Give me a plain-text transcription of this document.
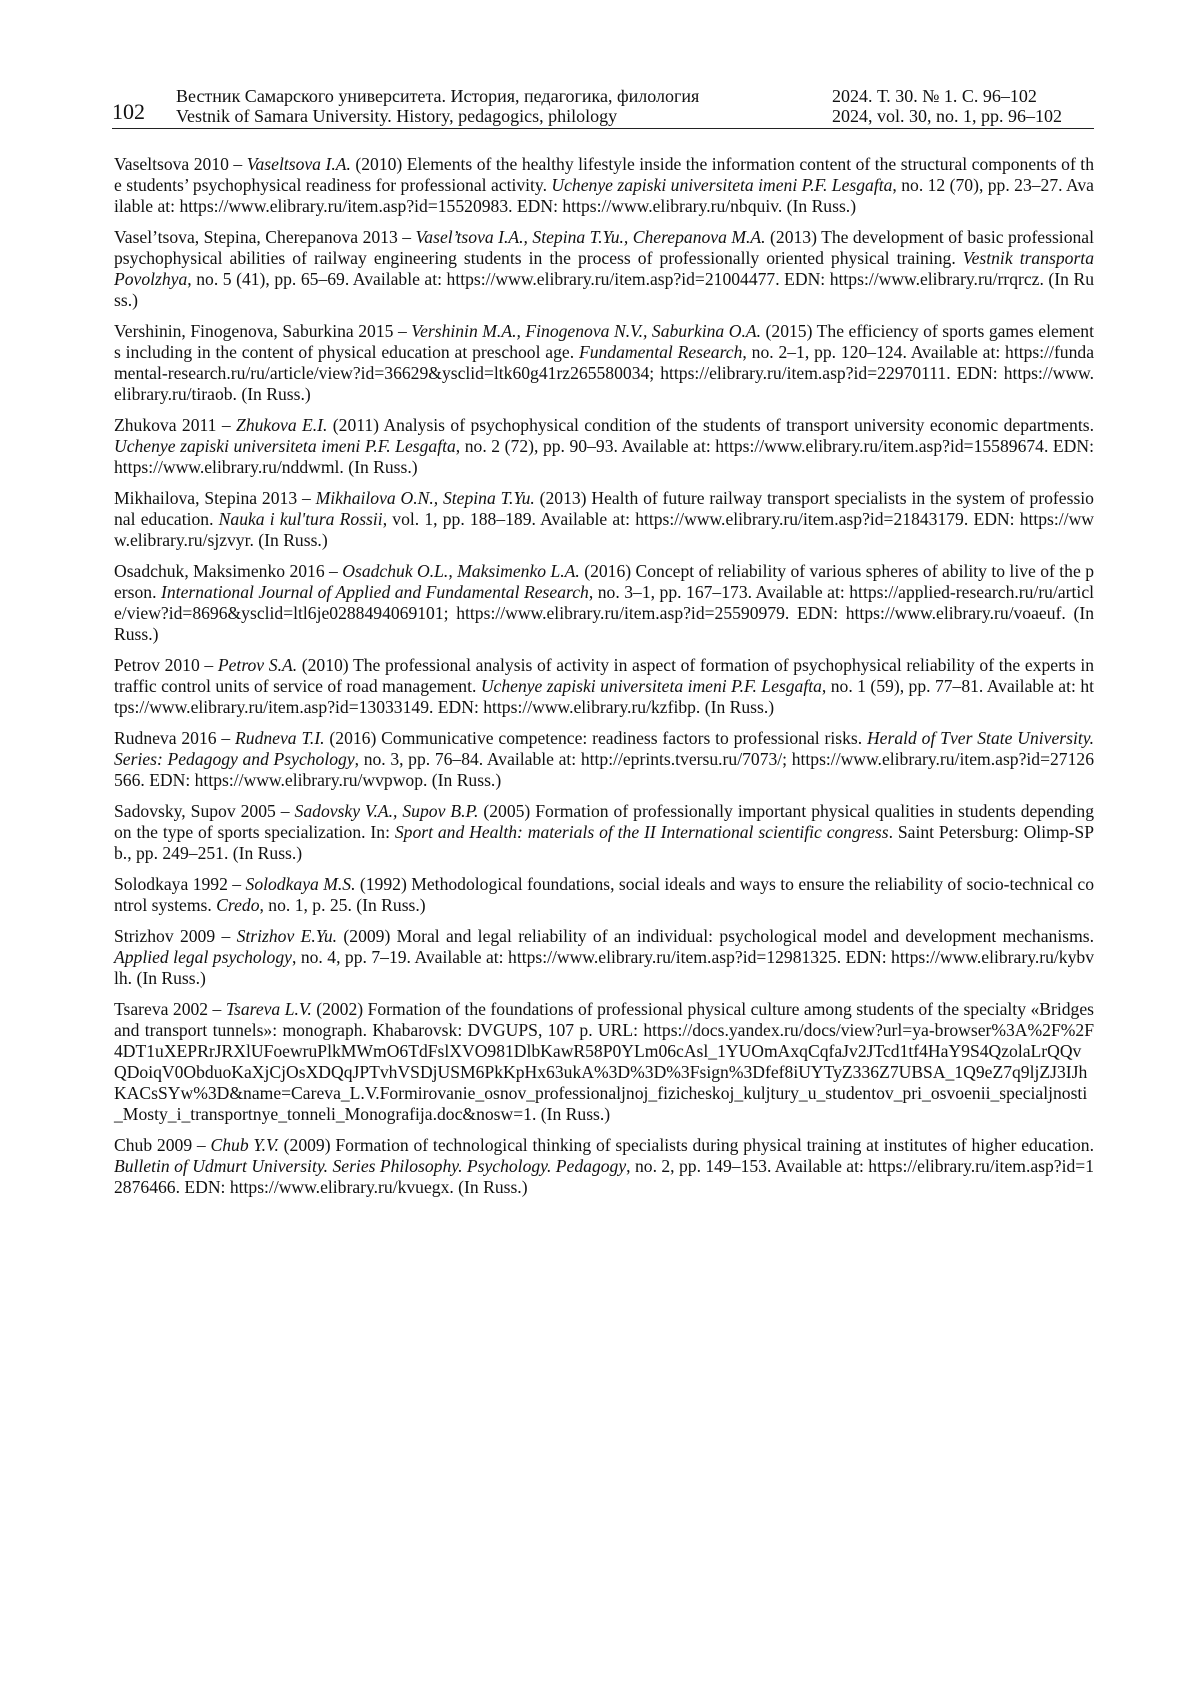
102
Вестник Самарского университета. История, педагогика, филология	2024. Т. 30. № 1. С. 96–102
Vestnik of Samara University. History, pedagogics, philology	2024, vol. 30, no. 1, pp. 96–102

Vaseltsova 2010 – Vaseltsova I.A. (2010) Elements of the healthy lifestyle inside the information content of the structural components of the students’ psychophysical readiness for professional activity. Uchenye zapiski universiteta imeni P.F. Lesgafta, no. 12 (70), pp. 23–27. Available at: https://www.elibrary.ru/item.asp?id=15520983. EDN: https://www.elibrary.ru/nbquiv. (In Russ.)

Vasel’tsova, Stepina, Cherepanova 2013 – Vasel’tsova I.A., Stepina T.Yu., Cherepanova M.A. (2013) The development of basic professional psychophysical abilities of railway engineering students in the process of professionally oriented physical training. Vestnik transporta Povolzhya, no. 5 (41), pp. 65–69. Available at: https://www.elibrary.ru/item.asp?id=21004477. EDN: https://www.elibrary.ru/rrqrcz. (In Russ.)

Vershinin, Finogenova, Saburkina 2015 – Vershinin M.A., Finogenova N.V., Saburkina O.A. (2015) The efficiency of sports games elements including in the content of physical education at preschool age. Fundamental Research, no. 2–1, pp. 120–124. Available at: https://fundamental-research.ru/ru/article/view?id=36629&ysclid=ltk60g41rz265580034; https://elibrary.ru/item.asp?id=22970111. EDN: https://www.elibrary.ru/tiraob. (In Russ.)

Zhukova 2011 – Zhukova E.I. (2011) Analysis of psychophysical condition of the students of transport university economic departments. Uchenye zapiski universiteta imeni P.F. Lesgafta, no. 2 (72), pp. 90–93. Available at: https://www.elibrary.ru/item.asp?id=15589674. EDN: https://www.elibrary.ru/nddwml. (In Russ.)

Mikhailova, Stepina 2013 – Mikhailova O.N., Stepina T.Yu. (2013) Health of future railway transport specialists in the system of professional education. Nauka i kul'tura Rossii, vol. 1, pp. 188–189. Available at: https://www.elibrary.ru/item.asp?id=21843179. EDN: https://www.elibrary.ru/sjzvyr. (In Russ.)

Osadchuk, Maksimenko 2016 – Osadchuk O.L., Maksimenko L.A. (2016) Concept of reliability of various spheres of ability to live of the person. International Journal of Applied and Fundamental Research, no. 3–1, pp. 167–173. Available at: https://applied-research.ru/ru/article/view?id=8696&ysclid=ltl6je0288494069101; https://www.elibrary.ru/item.asp?id=25590979. EDN: https://www.elibrary.ru/voaeuf. (In Russ.)

Petrov 2010 – Petrov S.A. (2010) The professional analysis of activity in aspect of formation of psychophysical reliability of the experts in traffic control units of service of road management. Uchenye zapiski universiteta imeni P.F. Lesgafta, no. 1 (59), pp. 77–81. Available at: https://www.elibrary.ru/item.asp?id=13033149. EDN: https://www.elibrary.ru/kzfibp. (In Russ.)

Rudneva 2016 – Rudneva T.I. (2016) Communicative competence: readiness factors to professional risks. Herald of Tver State University. Series: Pedagogy and Psychology, no. 3, pp. 76–84. Available at: http://eprints.tversu.ru/7073/; https://www.elibrary.ru/item.asp?id=27126566. EDN: https://www.elibrary.ru/wvpwop. (In Russ.)

Sadovsky, Supov 2005 – Sadovsky V.A., Supov B.P. (2005) Formation of professionally important physical qualities in students depending on the type of sports specialization. In: Sport and Health: materials of the II International scientific congress. Saint Petersburg: Olimp-SPb., pp. 249–251. (In Russ.)

Solodkaya 1992 – Solodkaya M.S. (1992) Methodological foundations, social ideals and ways to ensure the reliability of socio-technical control systems. Credo, no. 1, p. 25. (In Russ.)

Strizhov 2009 – Strizhov E.Yu. (2009) Moral and legal reliability of an individual: psychological model and development mechanisms. Applied legal psychology, no. 4, pp. 7–19. Available at: https://www.elibrary.ru/item.asp?id=12981325. EDN: https://www.elibrary.ru/kybvlh. (In Russ.)

Tsareva 2002 – Tsareva L.V. (2002) Formation of the foundations of professional physical culture among students of the specialty «Bridges and transport tunnels»: monograph. Khabarovsk: DVGUPS, 107 p. URL: https://docs.yandex.ru/docs/view?url=ya-browser%3A%2F%2F4DT1uXEPRrJRXlUFoewruPlkMWmO6TdFslXVO981DlbKawR58P0YLm06cAsl_1YUOmAxqCqfaJv2JTcd1tf4HaY9S4QzolaLrQQvQDoiqV0ObduoKaXjCjOsXDQqJPTvhVSDjUSM6PkKpHx63ukA%3D%3D%3Fsign%3Dfef8iUYTyZ336Z7UBSA_1Q9eZ7q9ljZJ3IJhKACsSYw%3D&name=Careva_L.V.Formirovanie_osnov_professionaljnoj_fizicheskoj_kuljtury_u_studentov_pri_osvoenii_specialjnosti_Mosty_i_transportnye_tonneli_Monografija.doc&nosw=1. (In Russ.)

Chub 2009 – Chub Y.V. (2009) Formation of technological thinking of specialists during physical training at institutes of higher education. Bulletin of Udmurt University. Series Philosophy. Psychology. Pedagogy, no. 2, pp. 149–153. Available at: https://elibrary.ru/item.asp?id=12876466. EDN: https://www.elibrary.ru/kvuegx. (In Russ.)
